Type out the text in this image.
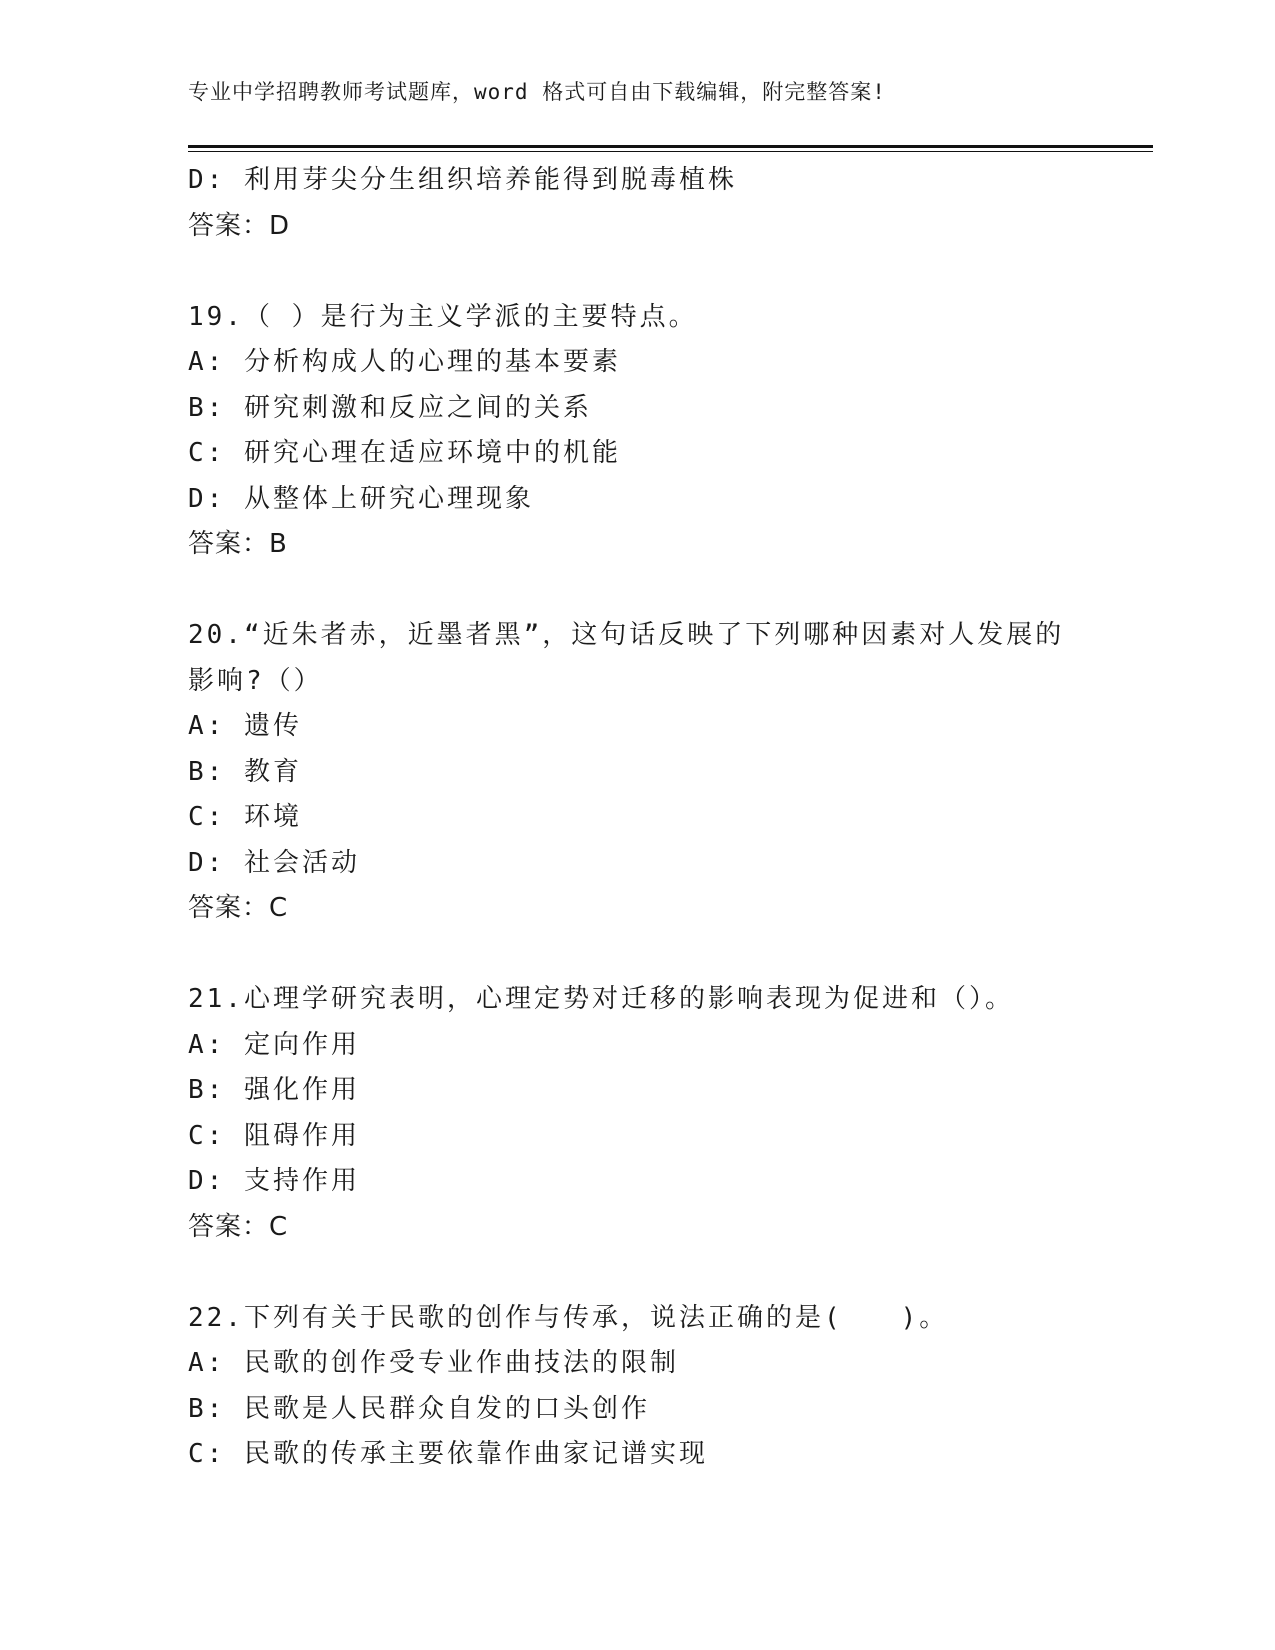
专业中学招聘教师考试题库，word 格式可自由下载编辑，附完整答案!
D: 利用芽尖分生组织培养能得到脱毒植株
答案：D
19.（ ）是行为主义学派的主要特点。
A: 分析构成人的心理的基本要素
B: 研究刺激和反应之间的关系
C: 研究心理在适应环境中的机能
D: 从整体上研究心理现象
答案：B
20.“近朱者赤，近墨者黑”，这句话反映了下列哪种因素对人发展的
影响?（）
A: 遗传
B: 教育
C: 环境
D: 社会活动
答案：C
21.心理学研究表明，心理定势对迁移的影响表现为促进和（）。
A: 定向作用
B: 强化作用
C: 阻碍作用
D: 支持作用
答案：C
22.下列有关于民歌的创作与传承，说法正确的是(　　)。
A: 民歌的创作受专业作曲技法的限制
B: 民歌是人民群众自发的口头创作
C: 民歌的传承主要依靠作曲家记谱实现
